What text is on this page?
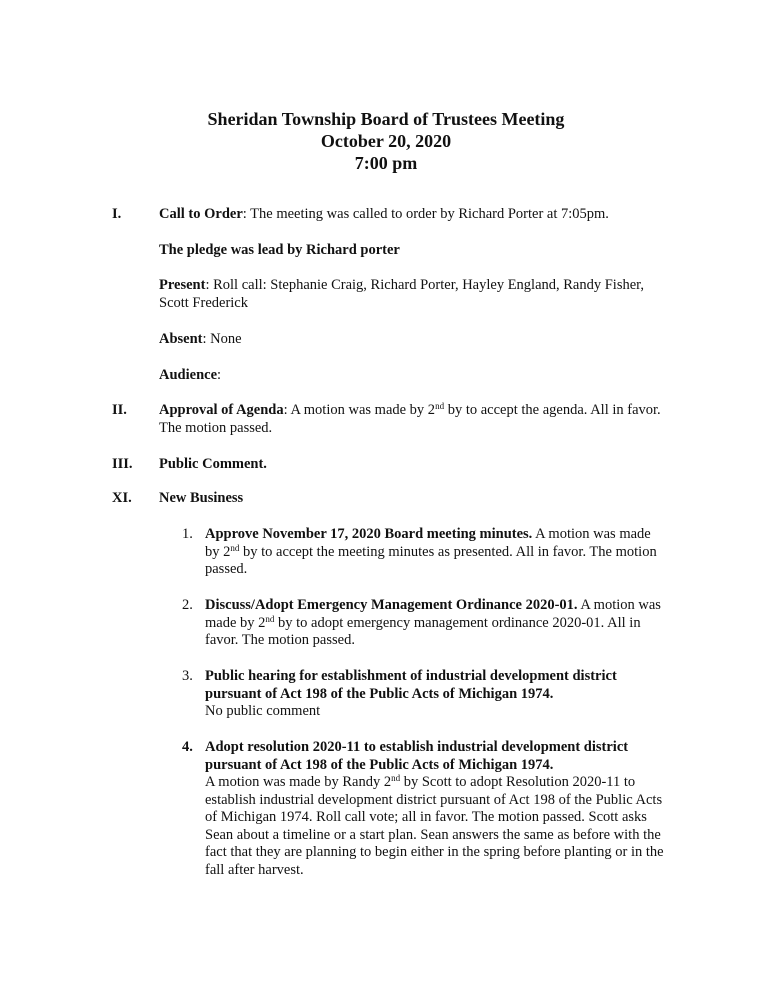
Sheridan Township Board of Trustees Meeting
October 20, 2020
7:00 pm
I.	Call to Order: The meeting was called to order by Richard Porter at 7:05pm.
The pledge was lead by Richard porter
Present: Roll call: Stephanie Craig, Richard Porter, Hayley England, Randy Fisher, Scott Frederick
Absent: None
Audience:
II. Approval of Agenda: A motion was made by 2nd by to accept the agenda. All in favor. The motion passed.
III. Public Comment.
XI. New Business
1. Approve November 17, 2020 Board meeting minutes. A motion was made by 2nd by to accept the meeting minutes as presented. All in favor. The motion passed.
2. Discuss/Adopt Emergency Management Ordinance 2020-01. A motion was made by 2nd by to adopt emergency management ordinance 2020-01. All in favor. The motion passed.
3. Public hearing for establishment of industrial development district pursuant of Act 198 of the Public Acts of Michigan 1974.
No public comment
4. Adopt resolution 2020-11 to establish industrial development district pursuant of Act 198 of the Public Acts of Michigan 1974.
A motion was made by Randy 2nd by Scott to adopt Resolution 2020-11 to establish industrial development district pursuant of Act 198 of the Public Acts of Michigan 1974. Roll call vote; all in favor. The motion passed. Scott asks Sean about a timeline or a start plan. Sean answers the same as before with the fact that they are planning to begin either in the spring before planting or in the fall after harvest.
